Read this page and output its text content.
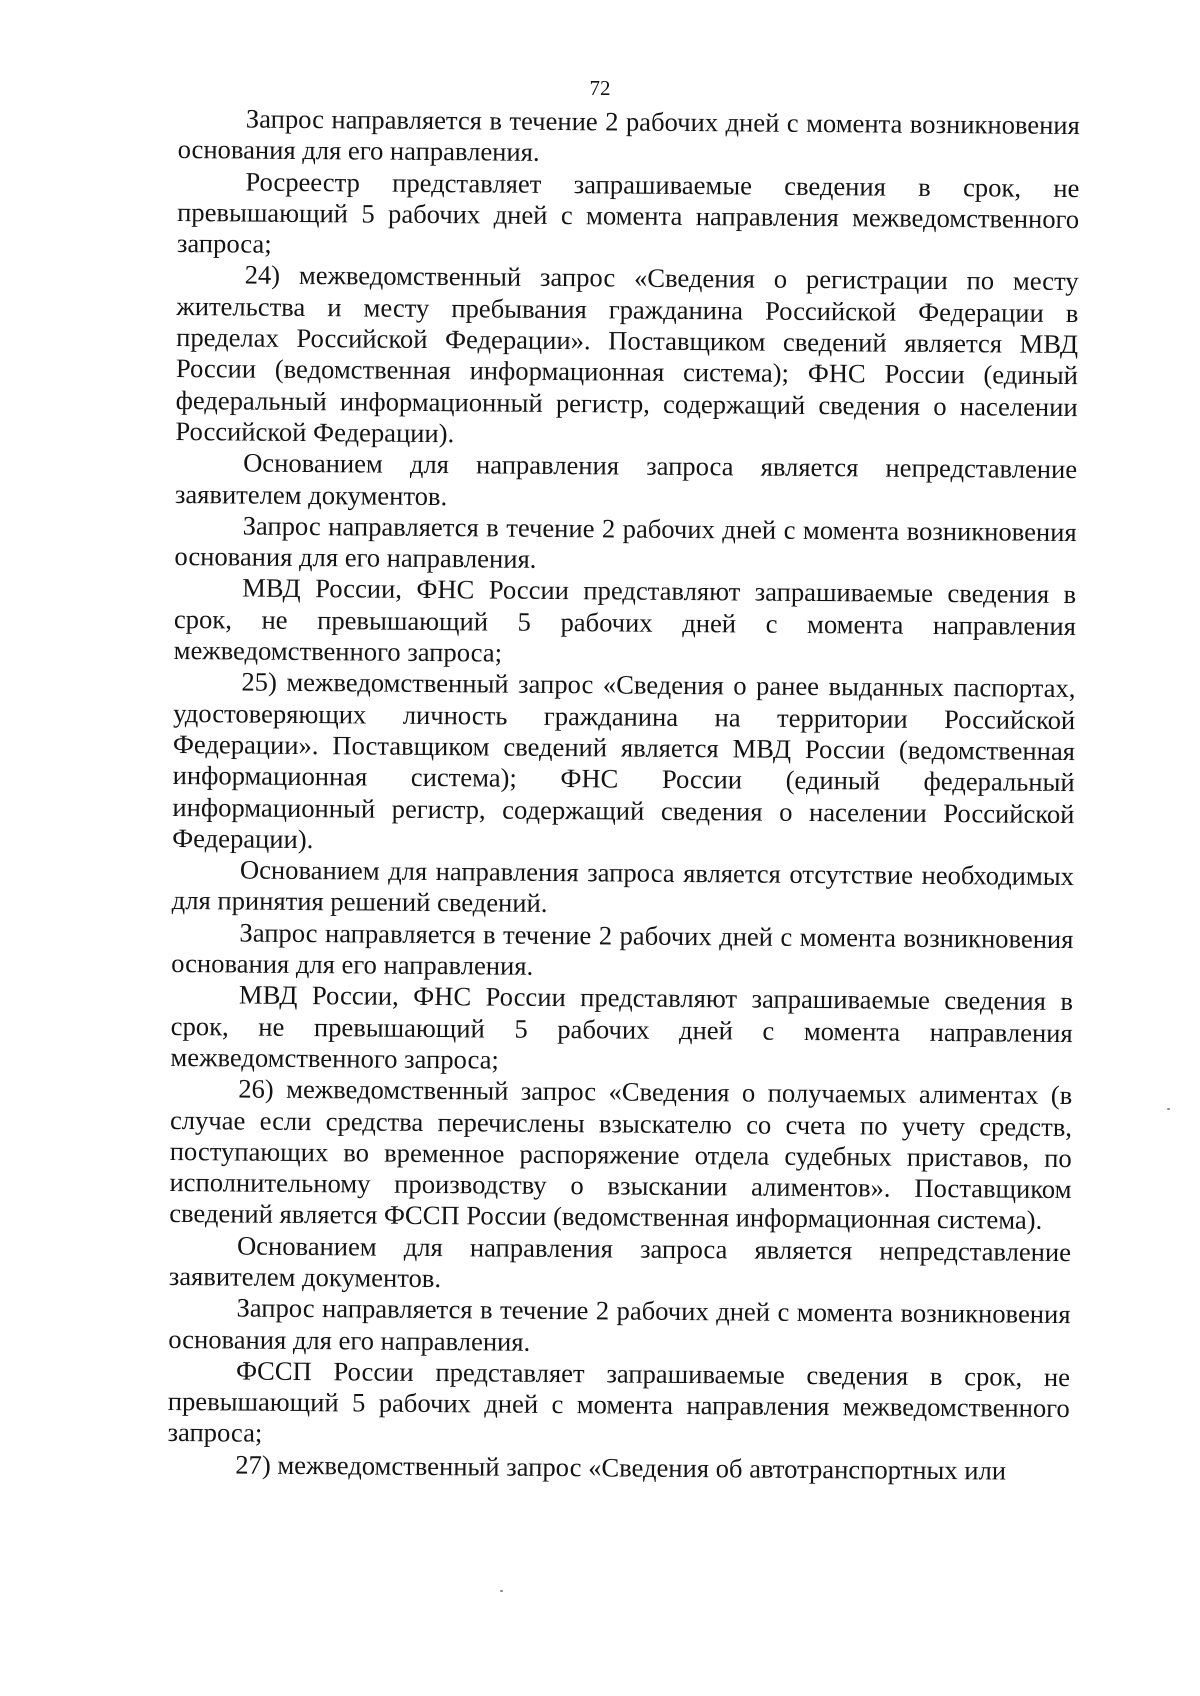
72

Запрос направляется в течение 2 рабочих дней с момента возникновения основания для его направления.

Росреестр представляет запрашиваемые сведения в срок, не превышающий 5 рабочих дней с момента направления межведомственного запроса;

24) межведомственный запрос «Сведения о регистрации по месту жительства и месту пребывания гражданина Российской Федерации в пределах Российской Федерации». Поставщиком сведений является МВД России (ведомственная информационная система); ФНС России (единый федеральный информационный регистр, содержащий сведения о населении Российской Федерации).

Основанием для направления запроса является непредставление заявителем документов.

Запрос направляется в течение 2 рабочих дней с момента возникновения основания для его направления.

МВД России, ФНС России представляют запрашиваемые сведения в срок, не превышающий 5 рабочих дней с момента направления межведомственного запроса;

25) межведомственный запрос «Сведения о ранее выданных паспортах, удостоверяющих личность гражданина на территории Российской Федерации». Поставщиком сведений является МВД России (ведомственная информационная система); ФНС России (единый федеральный информационный регистр, содержащий сведения о населении Российской Федерации).

Основанием для направления запроса является отсутствие необходимых для принятия решений сведений.

Запрос направляется в течение 2 рабочих дней с момента возникновения основания для его направления.

МВД России, ФНС России представляют запрашиваемые сведения в срок, не превышающий 5 рабочих дней с момента направления межведомственного запроса;

26) межведомственный запрос «Сведения о получаемых алиментах (в случае если средства перечислены взыскателю со счета по учету средств, поступающих во временное распоряжение отдела судебных приставов, по исполнительному производству о взыскании алиментов». Поставщиком сведений является ФССП России (ведомственная информационная система).

Основанием для направления запроса является непредставление заявителем документов.

Запрос направляется в течение 2 рабочих дней с момента возникновения основания для его направления.

ФССП России представляет запрашиваемые сведения в срок, не превышающий 5 рабочих дней с момента направления межведомственного запроса;

27) межведомственный запрос «Сведения об автотранспортных или
